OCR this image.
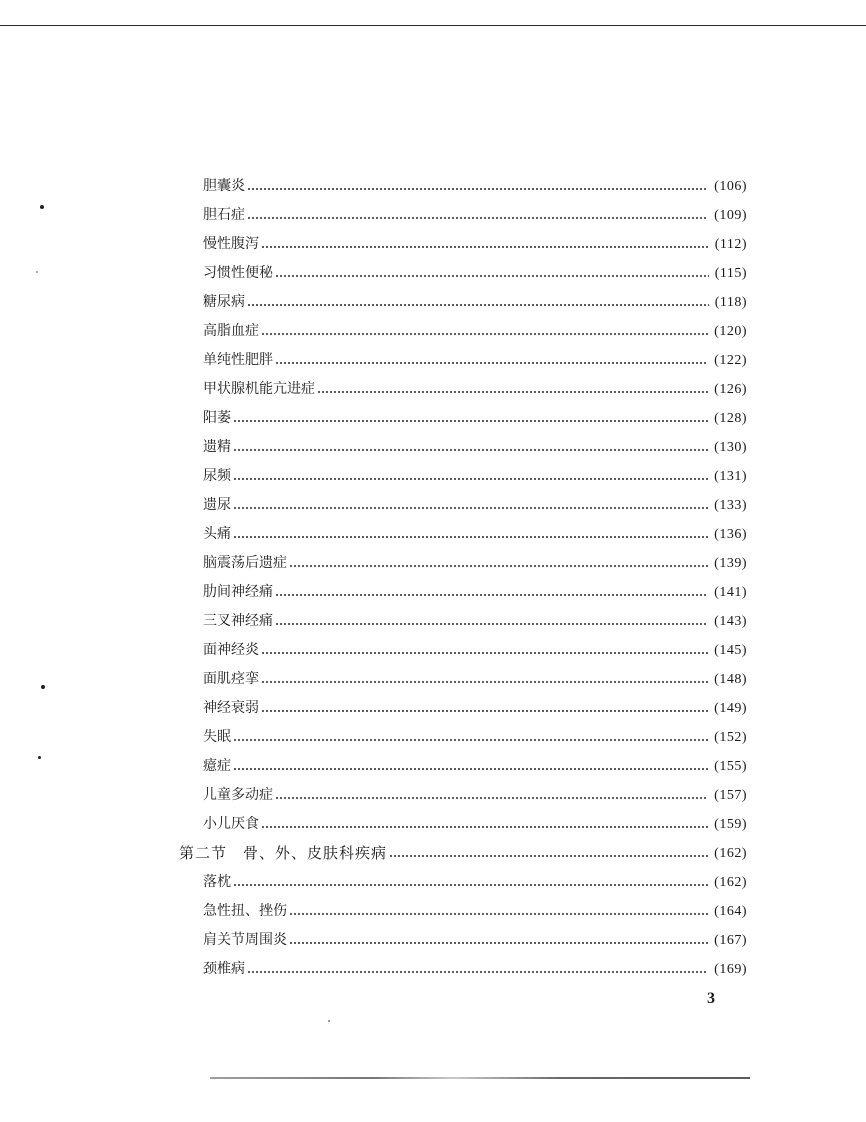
胆囊炎	(106)
胆石症	(109)
慢性腹泻	(112)
习惯性便秘	(115)
糖尿病	(118)
高脂血症	(120)
单纯性肥胖	(122)
甲状腺机能亢进症	(126)
阳萎	(128)
遗精	(130)
尿频	(131)
遗尿	(133)
头痛	(136)
脑震荡后遗症	(139)
肋间神经痛	(141)
三叉神经痛	(143)
面神经炎	(145)
面肌痉挛	(148)
神经衰弱	(149)
失眠	(152)
癔症	(155)
儿童多动症	(157)
小儿厌食	(159)
第二节 骨、外、皮肤科疾病	(162)
落枕	(162)
急性扭、挫伤	(164)
肩关节周围炎	(167)
颈椎病	(169)
3
